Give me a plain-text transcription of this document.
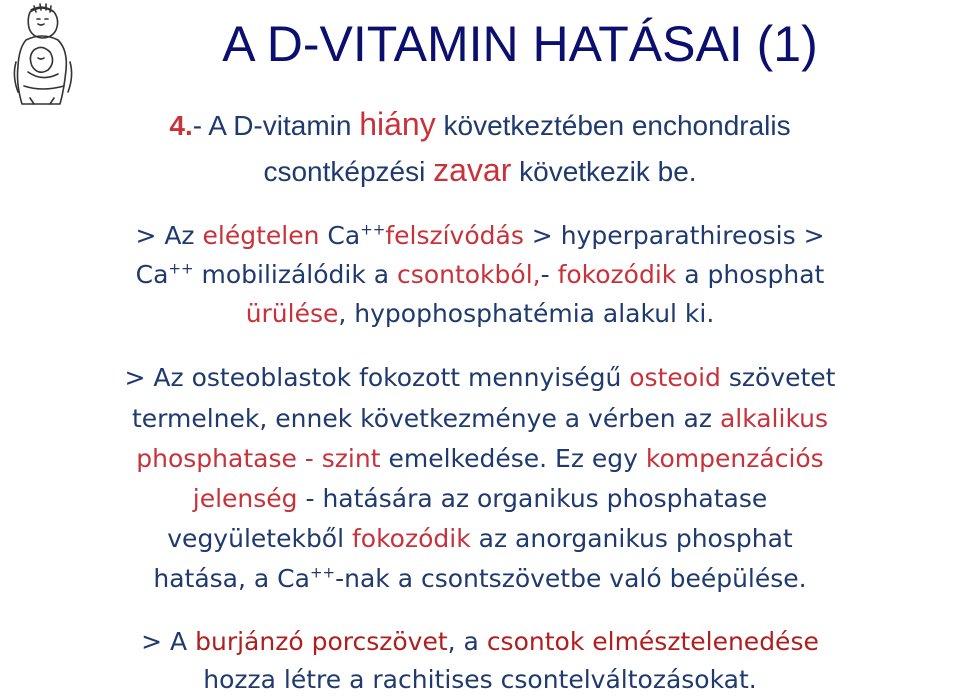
A D-VITAMIN HATÁSAI (1)
4.- A D-vitamin hiány következtében enchondralis
csontképzési zavar következik be.
> Az elégtelen Ca++felszívódás > hyperparathireosis >
Ca++ mobilizálódik a csontokból,- fokozódik a phosphat
ürülése, hypophosphatémia alakul ki.
> Az osteoblastok fokozott mennyiségű osteoid szövetet
termelnek, ennek következménye a vérben az alkalikus
phosphatase - szint emelkedése. Ez egy kompenzációs
jelenség - hatására az organikus phosphatase
vegyületekből fokozódik az anorganikus phosphat
hatása, a Ca++-nak a csontszövetbe való beépülése.
> A burjánzó porcszövet, a csontok elmésztelenedése
hozza létre a rachitises csontelváltozásokat.
